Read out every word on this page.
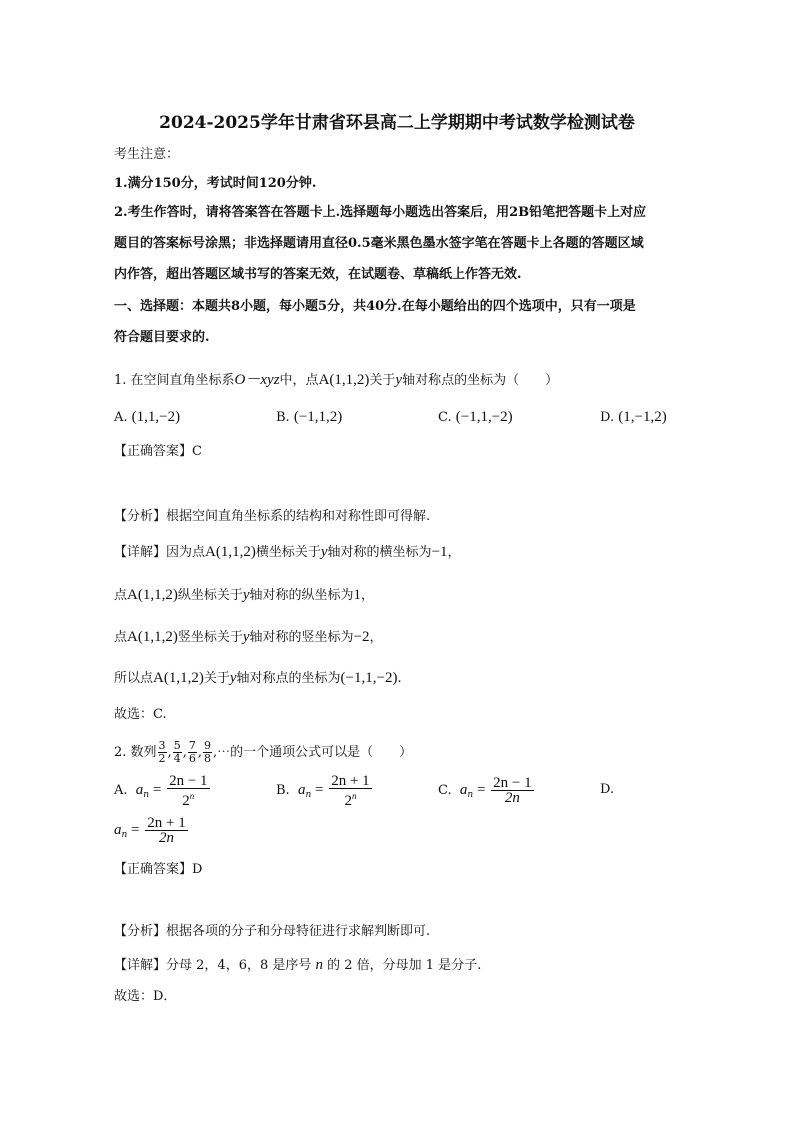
2024-2025学年甘肃省环县高二上学期期中考试数学检测试卷
考生注意：
1.满分150分，考试时间120分钟.
2.考生作答时，请将答案答在答题卡上.选择题每小题选出答案后，用2B铅笔把答题卡上对应
题目的答案标号涂黑；非选择题请用直径0.5毫米黑色墨水签字笔在答题卡上各题的答题区域
内作答，超出答题区域书写的答案无效，在试题卷、草稿纸上作答无效.
一、选择题：本题共8小题，每小题5分，共40分.在每小题给出的四个选项中，只有一项是
符合题目要求的.
1. 在空间直角坐标系O－xyz中，点A(1,1,2)关于y轴对称点的坐标为（　　）
A. (1,1,−2)	B. (−1,1,2)	C. (−1,1,−2)	D. (1,−1,2)
【正确答案】C
【分析】根据空间直角坐标系的结构和对称性即可得解.
【详解】因为点A(1,1,2)横坐标关于y轴对称的横坐标为−1，
点A(1,1,2)纵坐标关于y轴对称的纵坐标为1，
点A(1,1,2)竖坐标关于y轴对称的竖坐标为−2，
所以点A(1,1,2)关于y轴对称点的坐标为(−1,1,−2).
故选：C.
2. 数列 $\frac{3}{2}$ , $\frac{5}{4}$ , $\frac{7}{6}$ , $\frac{9}{8}$ ,⋯的一个通项公式可以是（　　）
A. $a_n = \frac{2n - 1}{2^n}$	B. $a_n = \frac{2n + 1}{2^n}$	C. $a_n = \frac{2n - 1}{2n}$	D.
$a_n = \frac{2n + 1}{2n}$
【正确答案】D
【分析】根据各项的分子和分母特征进行求解判断即可.
【详解】分母 2，4，6，8 是序号 n 的 2 倍，分母加 1 是分子.
故选：D．
